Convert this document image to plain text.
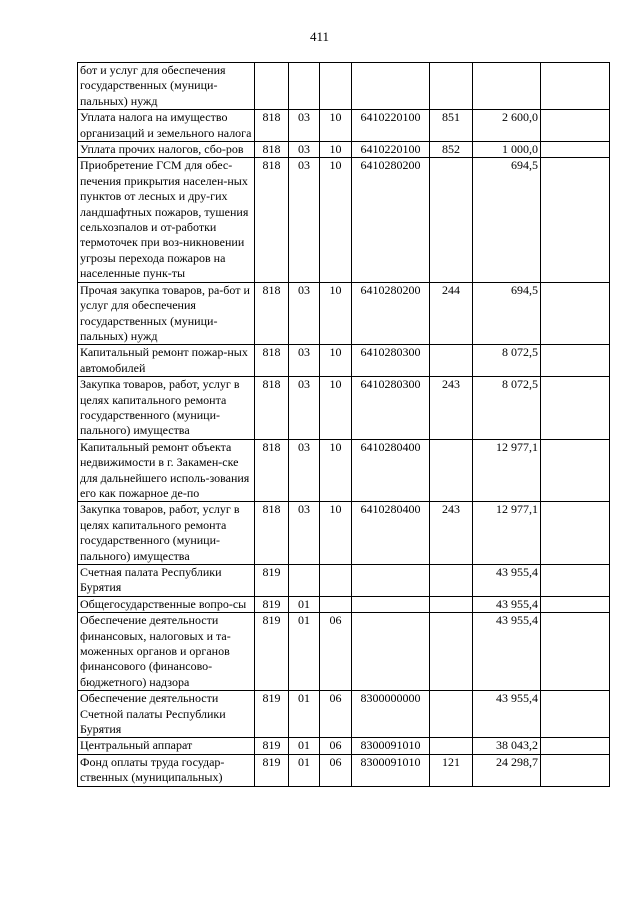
411
бот и услуг для обеспечения государственных (муници-пальных) нужд							
Уплата налога на имущество организаций и земельного налога	818	03	10	6410220100	851	2 600,0	
Уплата прочих налогов, сбо-ров	818	03	10	6410220100	852	1 000,0	
Приобретение ГСМ для обес-печения прикрытия населен-ных пунктов от лесных и дру-гих ландшафтных пожаров, тушения сельхозпалов и от-работки термоточек при воз-никновении угрозы перехода пожаров на населенные пунк-ты	818	03	10	6410280200		694,5	
Прочая закупка товаров, ра-бот и услуг для обеспечения государственных (муници-пальных) нужд	818	03	10	6410280200	244	694,5	
Капитальный ремонт пожар-ных автомобилей	818	03	10	6410280300		8 072,5	
Закупка товаров, работ, услуг в целях капитального ремонта государственного (муници-пального) имущества	818	03	10	6410280300	243	8 072,5	
Капитальный ремонт объекта недвижимости в г. Закамен-ске для дальнейшего исполь-зования его как пожарное де-по	818	03	10	6410280400		12 977,1	
Закупка товаров, работ, услуг в целях капитального ремонта государственного (муници-пального) имущества	818	03	10	6410280400	243	12 977,1	
Счетная палата Республики Бурятия	819					43 955,4	
Общегосударственные вопро-сы	819	01				43 955,4	
Обеспечение деятельности финансовых, налоговых и та-моженных органов и органов финансового (финансово-бюджетного) надзора	819	01	06			43 955,4	
Обеспечение деятельности Счетной палаты Республики Бурятия	819	01	06	8300000000		43 955,4	
Центральный аппарат	819	01	06	8300091010		38 043,2	
Фонд оплаты труда государ-ственных (муниципальных)	819	01	06	8300091010	121	24 298,7	
